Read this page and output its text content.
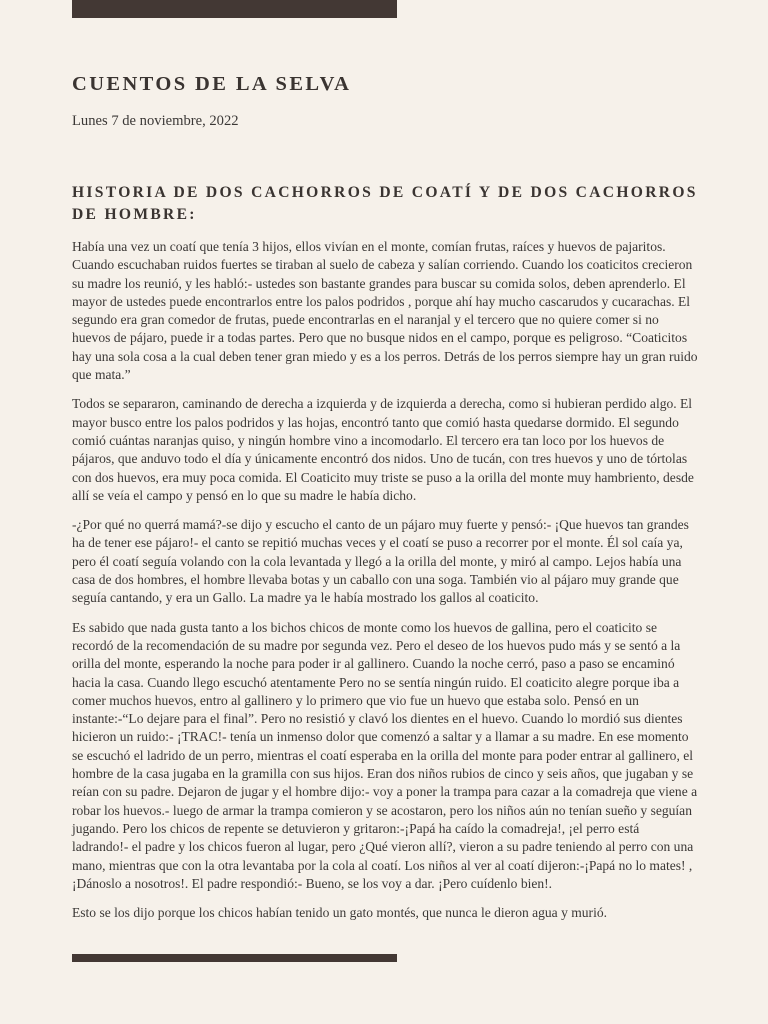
CUENTOS DE LA SELVA

Lunes 7 de noviembre, 2022

HISTORIA DE DOS CACHORROS DE COATÍ Y DE DOS CACHORROS DE HOMBRE:

Había una vez un coatí que tenía 3 hijos, ellos vivían en el monte, comían frutas, raíces y huevos de pajaritos. Cuando escuchaban ruidos fuertes se tiraban al suelo de cabeza y salían corriendo. Cuando los coaticitos crecieron su madre los reunió, y les habló:- ustedes son bastante grandes para buscar su comida solos, deben aprenderlo. El mayor de ustedes puede encontrarlos entre los palos podridos , porque ahí hay mucho cascarudos y cucarachas. El segundo era gran comedor de frutas, puede encontrarlas en el naranjal y el tercero que no quiere comer si no huevos de pájaro, puede ir a todas partes. Pero que no busque nidos en el campo, porque es peligroso. “Coaticitos hay una sola cosa a la cual deben tener gran miedo y es a los perros. Detrás de los perros siempre hay un gran ruido que mata.”

Todos se separaron, caminando de derecha a izquierda y de izquierda a derecha, como si hubieran perdido algo. El mayor busco entre los palos podridos y las hojas, encontró tanto que comió hasta quedarse dormido. El segundo comió cuántas naranjas quiso, y ningún hombre vino a incomodarlo. El tercero era tan loco por los huevos de pájaros, que anduvo todo el día y únicamente encontró dos nidos. Uno de tucán, con tres huevos y uno de tórtolas con dos huevos, era muy poca comida. El Coaticito muy triste se puso a la orilla del monte muy hambriento, desde allí se veía el campo y pensó en lo que su madre le había dicho.

-¿Por qué no querrá mamá?-se dijo y escucho el canto de un pájaro muy fuerte y pensó:- ¡Que huevos tan grandes ha de tener ese pájaro!- el canto se repitió muchas veces y el coatí se puso a recorrer por el monte. Él sol caía ya, pero él coatí seguía volando con la cola levantada y llegó a la orilla del monte, y miró al campo. Lejos había una casa de dos hombres, el hombre llevaba botas y un caballo con una soga. También vio al pájaro muy grande que seguía cantando, y era un Gallo. La madre ya le había mostrado los gallos al coaticito.

Es sabido que nada gusta tanto a los bichos chicos de monte como los huevos de gallina, pero el coaticito se recordó de la recomendación de su madre por segunda vez. Pero el deseo de los huevos pudo más y se sentó a la orilla del monte, esperando la noche para poder ir al gallinero. Cuando la noche cerró, paso a paso se encaminó hacia la casa. Cuando llego escuchó atentamente Pero no se sentía ningún ruido. El coaticito alegre porque iba a comer muchos huevos, entro al gallinero y lo primero que vio fue un huevo que estaba solo. Pensó en un instante:-“Lo dejare para el final”. Pero no resistió y clavó los dientes en el huevo. Cuando lo mordió sus dientes hicieron un ruido:- ¡TRAC!- tenía un inmenso dolor que comenzó a saltar y a llamar a su madre. En ese momento se escuchó el ladrido de un perro, mientras el coatí esperaba en la orilla del monte para poder entrar al gallinero, el hombre de la casa jugaba en la gramilla con sus hijos. Eran dos niños rubios de cinco y seis años, que jugaban y se reían con su padre. Dejaron de jugar y el hombre dijo:- voy a poner la trampa para cazar a la comadreja que viene a robar los huevos.- luego de armar la trampa comieron y se acostaron, pero los niños aún no tenían sueño y seguían jugando. Pero los chicos de repente se detuvieron y gritaron:-¡Papá ha caído la comadreja!, ¡el perro está ladrando!- el padre y los chicos fueron al lugar, pero ¿Qué vieron allí?, vieron a su padre teniendo al perro con una mano, mientras que con la otra levantaba por la cola al coatí. Los niños al ver al coatí dijeron:-¡Papá no lo mates! , ¡Dánoslo a nosotros!. El padre respondió:- Bueno, se los voy a dar. ¡Pero cuídenlo bien!.

Esto se los dijo porque los chicos habían tenido un gato montés, que nunca le dieron agua y murió.
